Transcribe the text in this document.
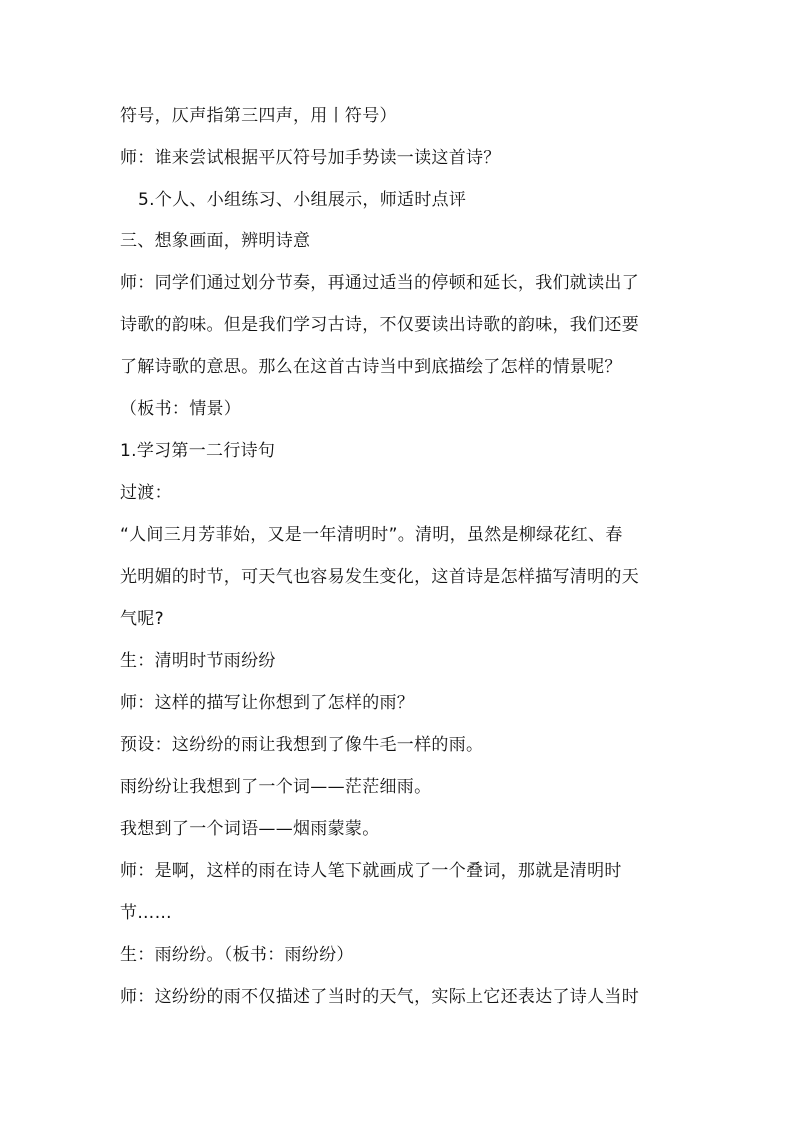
符号，仄声指第三四声，用丨符号）
师：谁来尝试根据平仄符号加手势读一读这首诗？
5.个人、小组练习、小组展示，师适时点评
三、想象画面，辨明诗意
师：同学们通过划分节奏，再通过适当的停顿和延长，我们就读出了
诗歌的韵味。但是我们学习古诗，不仅要读出诗歌的韵味，我们还要
了解诗歌的意思。那么在这首古诗当中到底描绘了怎样的情景呢？
（板书：情景）
1.学习第一二行诗句
过渡：
“人间三月芳菲始，又是一年清明时”。清明，虽然是柳绿花红、春
光明媚的时节，可天气也容易发生变化，这首诗是怎样描写清明的天
气呢?
生：清明时节雨纷纷
师：这样的描写让你想到了怎样的雨？
预设：这纷纷的雨让我想到了像牛毛一样的雨。
雨纷纷让我想到了一个词——茫茫细雨。
我想到了一个词语——烟雨蒙蒙。
师：是啊，这样的雨在诗人笔下就画成了一个叠词，那就是清明时
节……
生：雨纷纷。（板书：雨纷纷）
师：这纷纷的雨不仅描述了当时的天气，实际上它还表达了诗人当时
